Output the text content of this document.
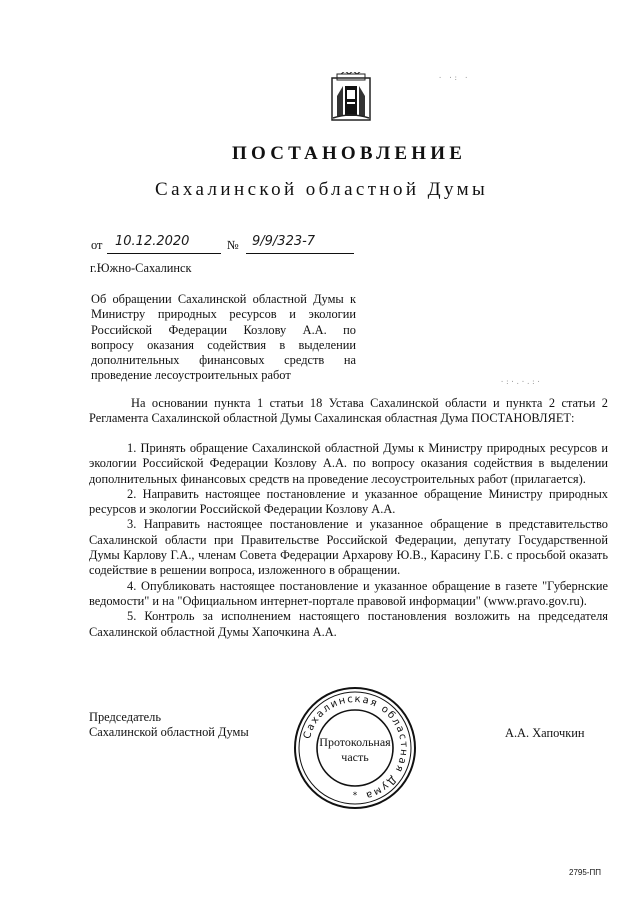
ПОСТАНОВЛЕНИЕ
Сахалинской областной Думы
от 10.12.2020	№ 9/9/323-7
г.Южно-Сахалинск

Об обращении Сахалинской областной Думы к

Министру природных ресурсов и экологии

Российской Федерации Козлову А.А. по

вопросу оказания содействия в выделении

дополнительных финансовых средств на

проведение лесоустроительных работ	·:·.·.:·
· ·: ·
На основании пункта 1 статьи 18 Устава Сахалинской области и пункта 2 статьи 2 Регламента Сахалинской областной Думы Сахалинская областная Дума ПОСТАНОВЛЯЕТ:

1. Принять обращение Сахалинской областной Думы к Министру природных ресурсов и экологии Российской Федерации Козлову А.А. по вопросу оказания содействия в выделении дополнительных финансовых средств на проведение лесоустроительных работ (прилагается).

2. Направить настоящее постановление и указанное обращение Министру природных ресурсов и экологии Российской Федерации Козлову А.А.

3. Направить настоящее постановление и указанное обращение в представительство Сахалинской области при Правительстве Российской Федерации, депутату Государственной Думы Карлову Г.А., членам Совета Федерации Архарову Ю.В., Карасину Г.Б. с просьбой оказать содействие в решении вопроса, изложенного в обращении.

4. Опубликовать настоящее постановление и указанное обращение в газете "Губернские ведомости" и на "Официальном интернет-портале правовой информации" (www.pravo.gov.ru).

5. Контроль за исполнением настоящего постановления возложить на председателя Сахалинской областной Думы Хапочкина А.А.

Председатель
Сахалинской областной Думы	А.А. Хапочкин
Сахалинская областная Дума
Протокольная
часть
*
2795-ПП
